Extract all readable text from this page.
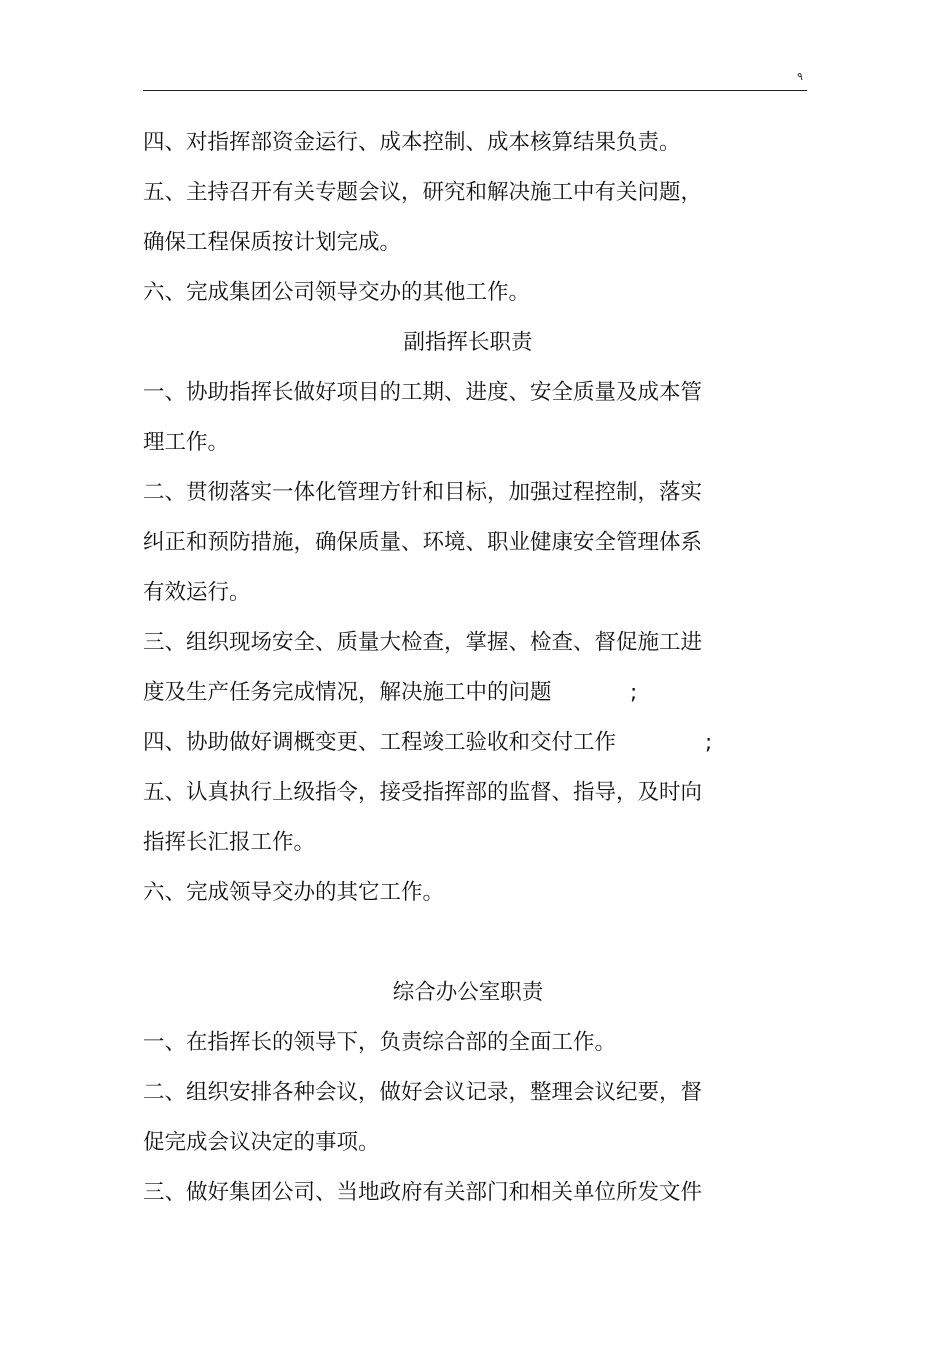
٩
四、对指挥部资金运行、成本控制、成本核算结果负责。
五、主持召开有关专题会议，研究和解决施工中有关问题，
确保工程保质按计划完成。
六、完成集团公司领导交办的其他工作。
副指挥长职责
一、协助指挥长做好项目的工期、进度、安全质量及成本管
理工作。
二、贯彻落实一体化管理方针和目标，加强过程控制，落实
纠正和预防措施，确保质量、环境、职业健康安全管理体系
有效运行。
三、组织现场安全、质量大检查，掌握、检查、督促施工进
度及生产任务完成情况，解决施工中的问题	;
四、协助做好调概变更、工程竣工验收和交付工作	;
五、认真执行上级指令，接受指挥部的监督、指导，及时向
指挥长汇报工作。
六、完成领导交办的其它工作。
综合办公室职责
一、在指挥长的领导下，负责综合部的全面工作。
二、组织安排各种会议，做好会议记录，整理会议纪要，督
促完成会议决定的事项。
三、做好集团公司、当地政府有关部门和相关单位所发文件
